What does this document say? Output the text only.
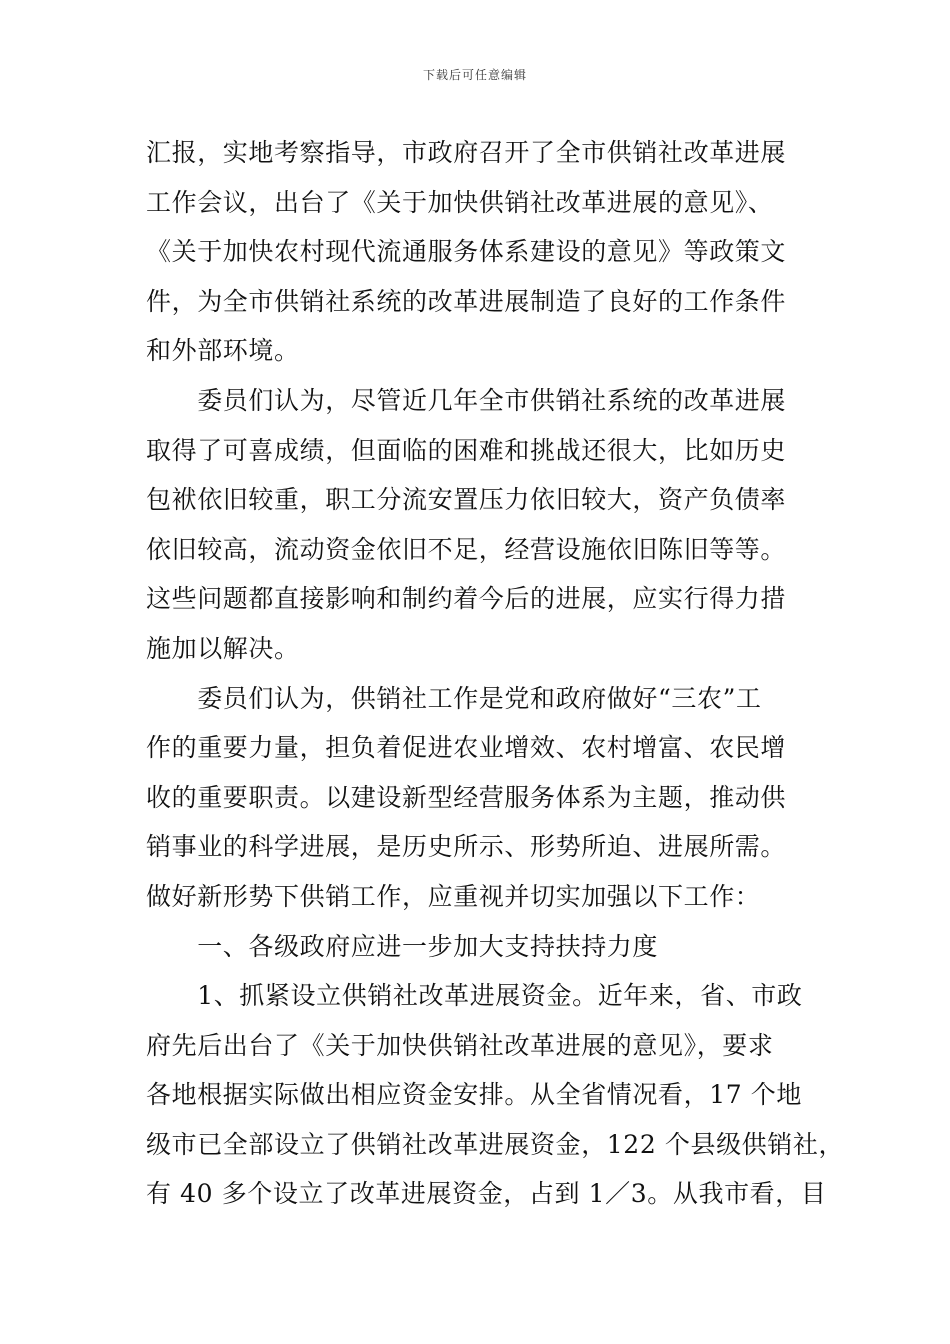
下载后可任意编辑
汇报，实地考察指导，市政府召开了全市供销社改革进展
工作会议，出台了《关于加快供销社改革进展的意见》、
《关于加快农村现代流通服务体系建设的意见》等政策文
件，为全市供销社系统的改革进展制造了良好的工作条件
和外部环境。
　　委员们认为，尽管近几年全市供销社系统的改革进展
取得了可喜成绩，但面临的困难和挑战还很大，比如历史
包袱依旧较重，职工分流安置压力依旧较大，资产负债率
依旧较高，流动资金依旧不足，经营设施依旧陈旧等等。
这些问题都直接影响和制约着今后的进展，应实行得力措
施加以解决。
　　委员们认为，供销社工作是党和政府做好“三农”工
作的重要力量，担负着促进农业增效、农村增富、农民增
收的重要职责。以建设新型经营服务体系为主题，推动供
销事业的科学进展，是历史所示、形势所迫、进展所需。
做好新形势下供销工作，应重视并切实加强以下工作：
　　一、各级政府应进一步加大支持扶持力度
　　1、抓紧设立供销社改革进展资金。近年来，省、市政
府先后出台了《关于加快供销社改革进展的意见》，要求
各地根据实际做出相应资金安排。从全省情况看，17 个地
级市已全部设立了供销社改革进展资金，122 个县级供销社，
有 40 多个设立了改革进展资金，占到 1／3。从我市看，目
